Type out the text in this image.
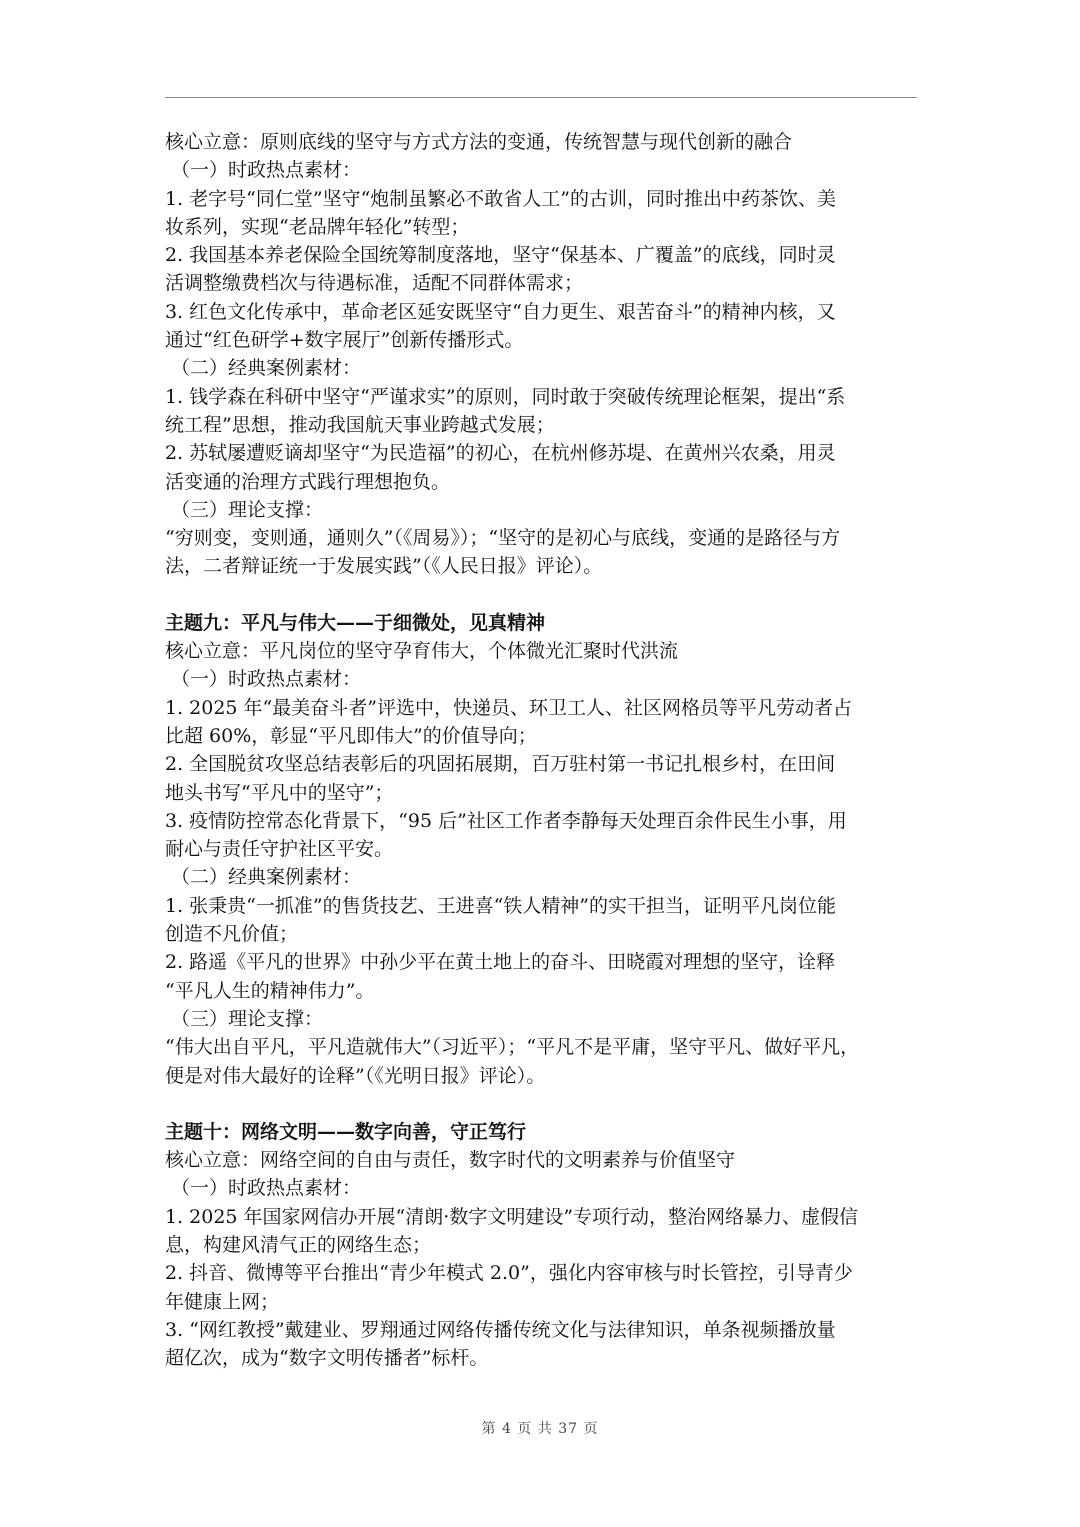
核心立意：原则底线的坚守与方式方法的变通，传统智慧与现代创新的融合
（一）时政热点素材：
1. 老字号“同仁堂”坚守“炮制虽繁必不敢省人工”的古训，同时推出中药茶饮、美
妆系列，实现“老品牌年轻化”转型；
2. 我国基本养老保险全国统筹制度落地，坚守“保基本、广覆盖”的底线，同时灵
活调整缴费档次与待遇标准，适配不同群体需求；
3. 红色文化传承中，革命老区延安既坚守“自力更生、艰苦奋斗”的精神内核，又
通过“红色研学+数字展厅”创新传播形式。
（二）经典案例素材：
1. 钱学森在科研中坚守“严谨求实”的原则，同时敢于突破传统理论框架，提出“系
统工程”思想，推动我国航天事业跨越式发展；
2. 苏轼屡遭贬谪却坚守“为民造福”的初心，在杭州修苏堤、在黄州兴农桑，用灵
活变通的治理方式践行理想抱负。
（三）理论支撑：
“穷则变，变则通，通则久”（《周易》）；“坚守的是初心与底线，变通的是路径与方
法，二者辩证统一于发展实践”（《人民日报》评论）。
主题九：平凡与伟大——于细微处，见真精神
核心立意：平凡岗位的坚守孕育伟大，个体微光汇聚时代洪流
（一）时政热点素材：
1. 2025 年“最美奋斗者”评选中，快递员、环卫工人、社区网格员等平凡劳动者占
比超 60%，彰显“平凡即伟大”的价值导向；
2. 全国脱贫攻坚总结表彰后的巩固拓展期，百万驻村第一书记扎根乡村，在田间
地头书写“平凡中的坚守”；
3. 疫情防控常态化背景下，“95 后”社区工作者李静每天处理百余件民生小事，用
耐心与责任守护社区平安。
（二）经典案例素材：
1. 张秉贵“一抓准”的售货技艺、王进喜“铁人精神”的实干担当，证明平凡岗位能
创造不凡价值；
2. 路遥《平凡的世界》中孙少平在黄土地上的奋斗、田晓霞对理想的坚守，诠释
“平凡人生的精神伟力”。
（三）理论支撑：
“伟大出自平凡，平凡造就伟大”（习近平）；“平凡不是平庸，坚守平凡、做好平凡，
便是对伟大最好的诠释”（《光明日报》评论）。
主题十：网络文明——数字向善，守正笃行
核心立意：网络空间的自由与责任，数字时代的文明素养与价值坚守
（一）时政热点素材：
1. 2025 年国家网信办开展“清朗·数字文明建设”专项行动，整治网络暴力、虚假信
息，构建风清气正的网络生态；
2. 抖音、微博等平台推出“青少年模式 2.0”，强化内容审核与时长管控，引导青少
年健康上网；
3. “网红教授”戴建业、罗翔通过网络传播传统文化与法律知识，单条视频播放量
超亿次，成为“数字文明传播者”标杆。
第 4 页 共 37 页
